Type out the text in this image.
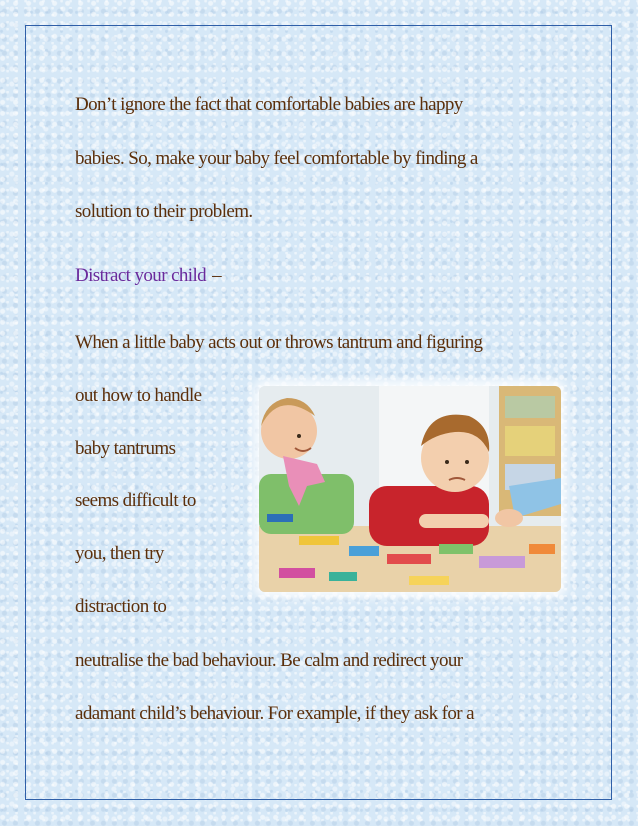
Don’t ignore the fact that comfortable babies are happy

babies. So, make your baby feel comfortable by finding a

solution to their problem.

Distract your child –

When a little baby acts out or throws tantrum and figuring

out how to handle

baby tantrums

seems difficult to

you, then try

distraction to

neutralise the bad behaviour. Be calm and redirect your

adamant child’s behaviour. For example, if they ask for a
